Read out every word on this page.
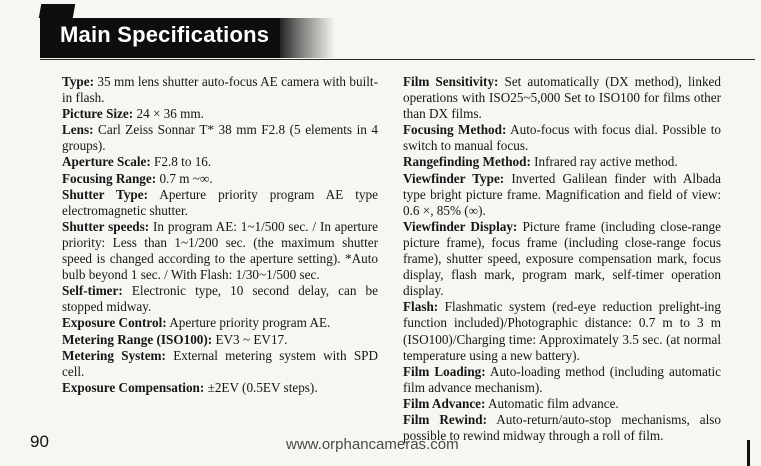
Main Specifications

Type: 35 mm lens shutter auto-focus AE camera with built-in flash.

Picture Size: 24 × 36 mm.

Lens: Carl Zeiss Sonnar T* 38 mm F2.8 (5 elements in 4 groups).

Aperture Scale: F2.8 to 16.

Focusing Range: 0.7 m ~∞.

Shutter Type: Aperture priority program AE type electromagnetic shutter.

Shutter speeds: In program AE: 1~1/500 sec. / In aperture priority: Less than 1~1/200 sec. (the maximum shutter speed is changed according to the aperture setting). *Auto bulb beyond 1 sec. / With Flash: 1/30~1/500 sec.

Self-timer: Electronic type, 10 second delay, can be stopped midway.

Exposure Control: Aperture priority program AE.

Metering Range (ISO100): EV3 ~ EV17.

Metering System: External metering system with SPD cell.

Exposure Compensation: ±2EV (0.5EV steps).

Film Sensitivity: Set automatically (DX method), linked operations with ISO25~5,000 Set to ISO100 for films other than DX films.

Focusing Method: Auto-focus with focus dial. Possible to switch to manual focus.

Rangefinding Method: Infrared ray active method.

Viewfinder Type: Inverted Galilean finder with Albada type bright picture frame. Magnification and field of view: 0.6 ×, 85% (∞).

Viewfinder Display: Picture frame (including close-range picture frame), focus frame (including close-range focus frame), shutter speed, exposure compensation mark, focus display, flash mark, program mark, self-timer operation display.

Flash: Flashmatic system (red-eye reduction prelight-ing function included)/Photographic distance: 0.7 m to 3 m (ISO100)/Charging time: Approximately 3.5 sec. (at normal temperature using a new battery).

Film Loading: Auto-loading method (including automatic film advance mechanism).

Film Advance: Automatic film advance.

Film Rewind: Auto-return/auto-stop mechanisms, also possible to rewind midway through a roll of film.

90	www.orphancameras.com
